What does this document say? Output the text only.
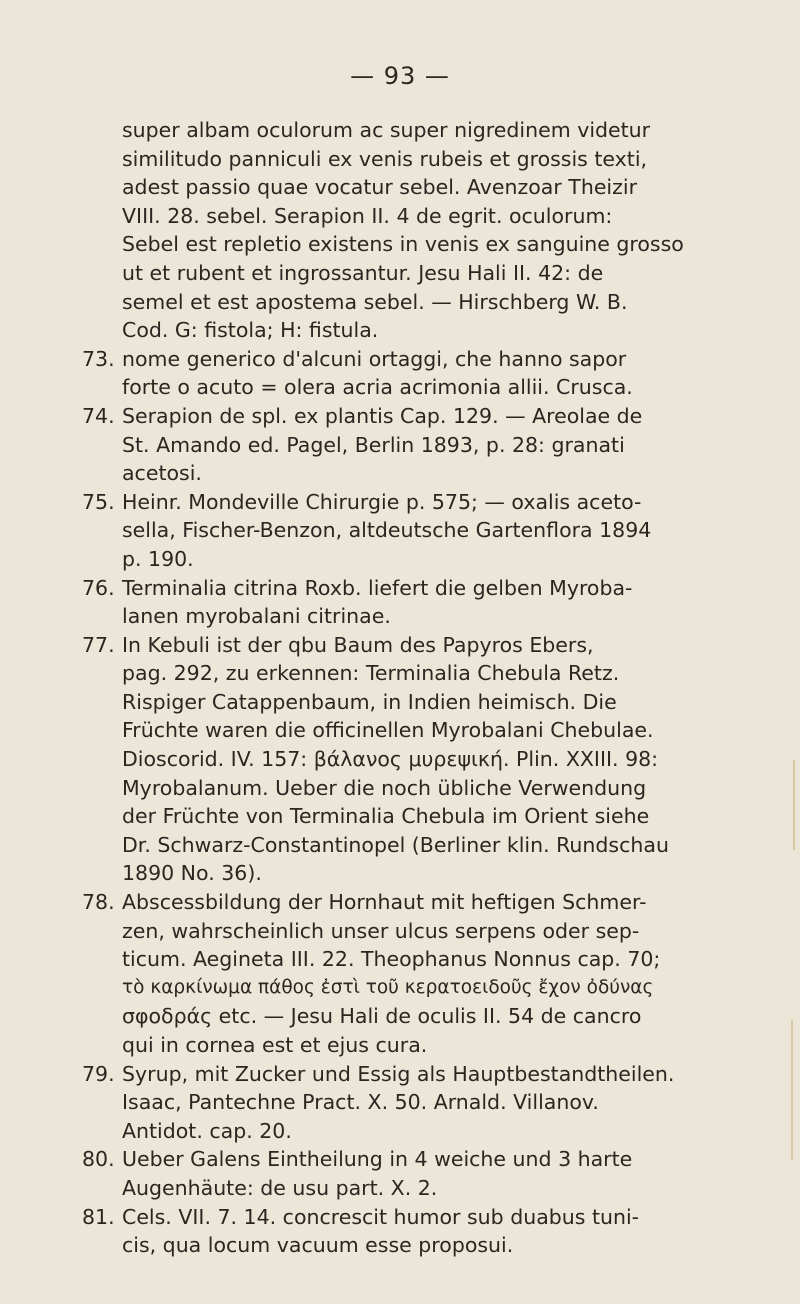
— 93 —
super albam oculorum ac super nigredinem videtur
similitudo panniculi ex venis rubeis et grossis texti,
adest passio quae vocatur sebel. Avenzoar Theizir
VIII. 28. sebel. Serapion II. 4 de egrit. oculorum:
Sebel est repletio existens in venis ex sanguine grosso
ut et rubent et ingrossantur. Jesu Hali II. 42: de
semel et est apostema sebel. — Hirschberg W. B.
Cod. G: fistola; H: fistula.
73. nome generico d'alcuni ortaggi, che hanno sapor
forte o acuto = olera acria acrimonia allii. Crusca.
74. Serapion de spl. ex plantis Cap. 129. — Areolae de
St. Amando ed. Pagel, Berlin 1893, p. 28: granati
acetosi.
75. Heinr. Mondeville Chirurgie p. 575; — oxalis aceto-
sella, Fischer-Benzon, altdeutsche Gartenflora 1894
p. 190.
76. Terminalia citrina Roxb. liefert die gelben Myroba-
lanen myrobalani citrinae.
77. In Kebuli ist der qbu Baum des Papyros Ebers,
pag. 292, zu erkennen: Terminalia Chebula Retz.
Rispiger Catappenbaum, in Indien heimisch. Die
Früchte waren die officinellen Myrobalani Chebulae.
Dioscorid. IV. 157: βάλανος μυρεψική. Plin. XXIII. 98:
Myrobalanum. Ueber die noch übliche Verwendung
der Früchte von Terminalia Chebula im Orient siehe
Dr. Schwarz-Constantinopel (Berliner klin. Rundschau
1890 No. 36).
78. Abscessbildung der Hornhaut mit heftigen Schmer-
zen, wahrscheinlich unser ulcus serpens oder sep-
ticum. Aegineta III. 22. Theophanus Nonnus cap. 70;
τὸ καρκίνωμα πάθος ἐστὶ τοῦ κερατοειδοῦς ἔχον ὀδύνας
σφοδράς etc. — Jesu Hali de oculis II. 54 de cancro
qui in cornea est et ejus cura.
79. Syrup, mit Zucker und Essig als Hauptbestandtheilen.
Isaac, Pantechne Pract. X. 50. Arnald. Villanov.
Antidot. cap. 20.
80. Ueber Galens Eintheilung in 4 weiche und 3 harte
Augenhäute: de usu part. X. 2.
81. Cels. VII. 7. 14. concrescit humor sub duabus tuni-
cis, qua locum vacuum esse proposui.
